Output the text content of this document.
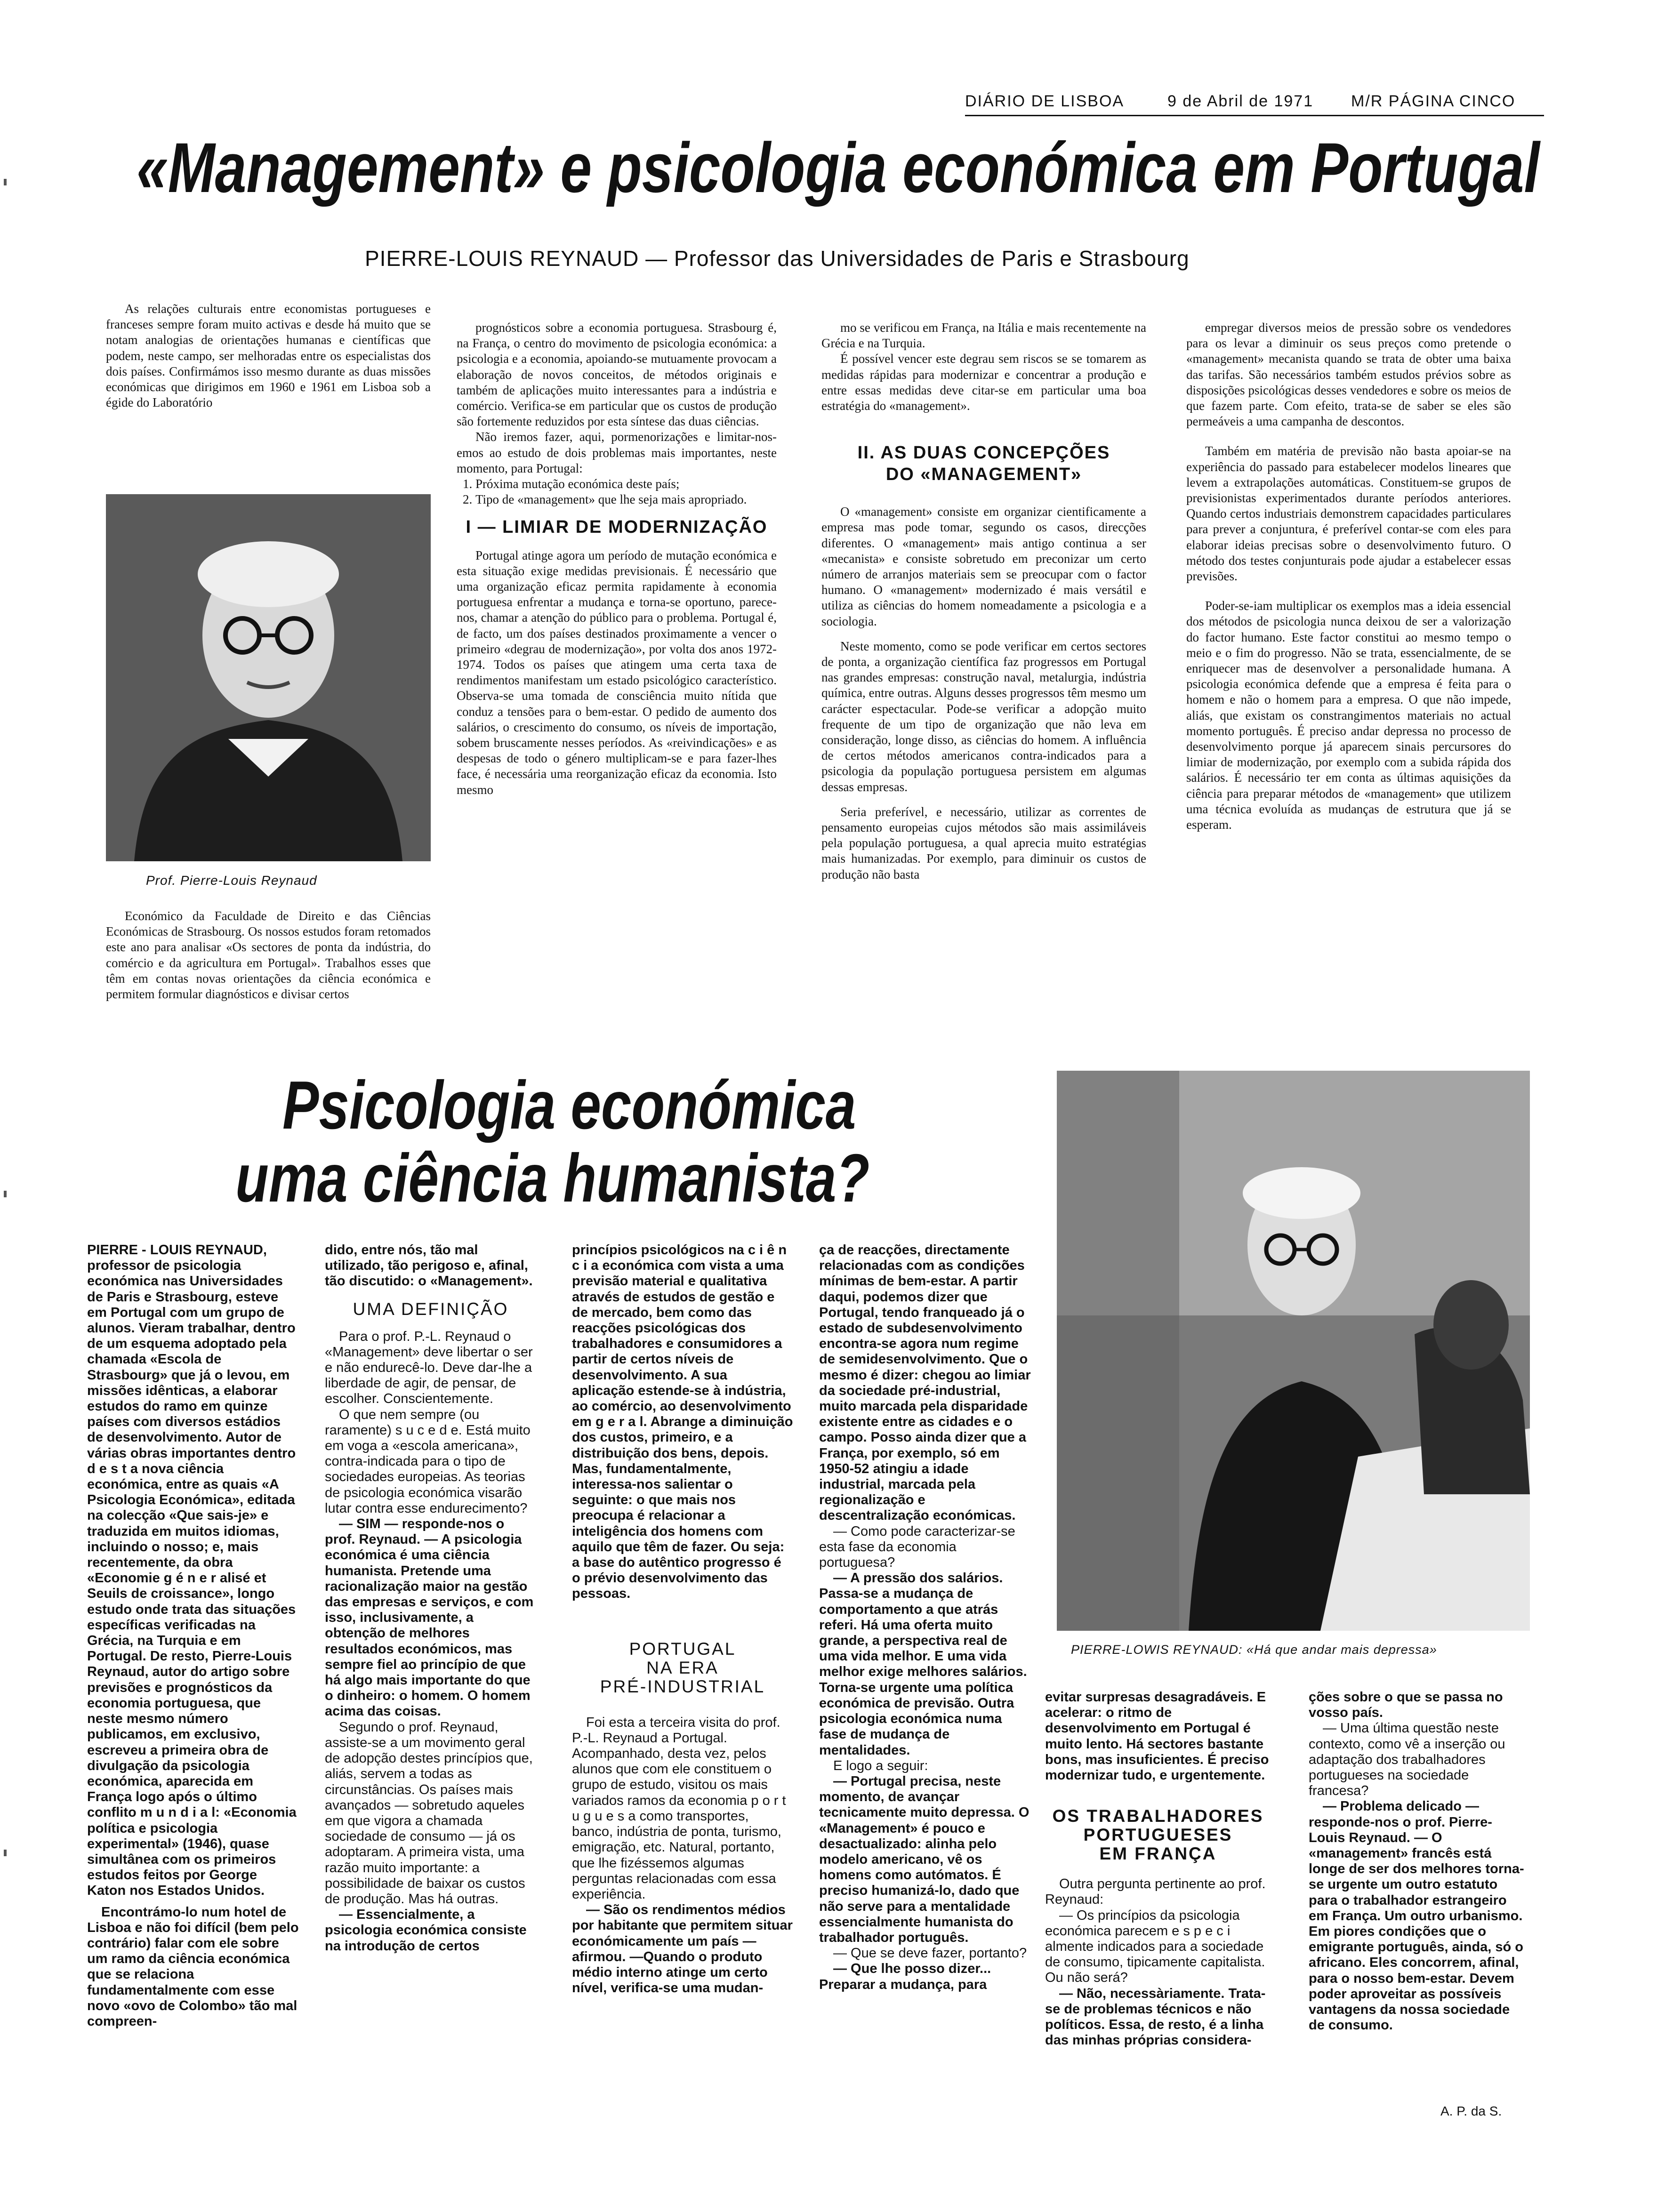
DIÁRIO DE LISBOA	9 de Abril de 1971 M/R PÁGINA CINCO
«Management» e psicologia económica em Portugal
PIERRE-LOUIS REYNAUD — Professor das Universidades de Paris e Strasbourg

As relações culturais entre economistas portugueses e franceses sempre foram muito activas e desde há muito que se notam analogias de orientações humanas e científicas que podem, neste campo, ser melhoradas entre os especialistas dos dois países. Confirmámos isso mesmo durante as duas missões económicas que dirigimos em 1960 e 1961 em Lisboa sob a égide do Laboratório

Prof. Pierre-Louis Reynaud

Económico da Faculdade de Direito e das Ciências Económicas de Strasbourg. Os nossos estudos foram retomados este ano para analisar «Os sectores de ponta da indústria, do comércio e da agricultura em Portugal». Trabalhos esses que têm em contas novas orientações da ciência económica e permitem formular diagnósticos e divisar certos

prognósticos sobre a economia portuguesa. Strasbourg é, na França, o centro do movimento de psicologia económica: a psicologia e a economia, apoiando-se mutuamente provocam a elaboração de novos conceitos, de métodos originais e também de aplicações muito interessantes para a indústria e comércio. Verifica-se em particular que os custos de produção são fortemente reduzidos por esta síntese das duas ciências.

Não iremos fazer, aqui, pormenorizações e limitar-nos-emos ao estudo de dois problemas mais importantes, neste momento, para Portugal:

1. Próxima mutação económica deste país;
2. Tipo de «management» que lhe seja mais apropriado.

I — LIMIAR DE MODERNIZAÇÃO

Portugal atinge agora um período de mutação económica e esta situação exige medidas previsionais. É necessário que uma organização eficaz permita rapidamente à economia portuguesa enfrentar a mudança e torna-se oportuno, parece-nos, chamar a atenção do público para o problema. Portugal é, de facto, um dos países destinados proximamente a vencer o primeiro «degrau de modernização», por volta dos anos 1972-1974. Todos os países que atingem uma certa taxa de rendimentos manifestam um estado psicológico característico. Observa-se uma tomada de consciência muito nítida que conduz a tensões para o bem-estar. O pedido de aumento dos salários, o crescimento do consumo, os níveis de importação, sobem bruscamente nesses períodos. As «reivindicações» e as despesas de todo o género multiplicam-se e para fazer-lhes face, é necessária uma reorganização eficaz da economia. Isto mesmo

mo se verificou em França, na Itália e mais recentemente na Grécia e na Turquia.

É possível vencer este degrau sem riscos se se tomarem as medidas rápidas para modernizar e concentrar a produção e entre essas medidas deve citar-se em particular uma boa estratégia do «management».

II. AS DUAS CONCEPÇÕES

DO «MANAGEMENT»

O «management» consiste em organizar cientificamente a empresa mas pode tomar, segundo os casos, direcções diferentes. O «management» mais antigo continua a ser «mecanista» e consiste sobretudo em preconizar um certo número de arranjos materiais sem se preocupar com o factor humano. O «management» modernizado é mais versátil e utiliza as ciências do homem nomeadamente a psicologia e a sociologia.

Neste momento, como se pode verificar em certos sectores de ponta, a organização científica faz progressos em Portugal nas grandes empresas: construção naval, metalurgia, indústria química, entre outras. Alguns desses progressos têm mesmo um carácter espectacular. Pode-se verificar a adopção muito frequente de um tipo de organização que não leva em consideração, longe disso, as ciências do homem. A influência de certos métodos americanos contra-indicados para a psicologia da população portuguesa persistem em algumas dessas empresas.

Seria preferível, e necessário, utilizar as correntes de pensamento europeias cujos métodos são mais assimiláveis pela população portuguesa, a qual aprecia muito estratégias mais humanizadas. Por exemplo, para diminuir os custos de produção não basta

empregar diversos meios de pressão sobre os vendedores para os levar a diminuir os seus preços como pretende o «management» mecanista quando se trata de obter uma baixa das tarifas. São necessários também estudos prévios sobre as disposições psicológicas desses vendedores e sobre os meios de que fazem parte. Com efeito, trata-se de saber se eles são permeáveis a uma campanha de descontos.

Também em matéria de previsão não basta apoiar-se na experiência do passado para estabelecer modelos lineares que levem a extrapolações automáticas. Constituem-se grupos de previsionistas experimentados durante períodos anteriores. Quando certos industriais demonstrem capacidades particulares para prever a conjuntura, é preferível contar-se com eles para elaborar ideias precisas sobre o desenvolvimento futuro. O método dos testes conjunturais pode ajudar a estabelecer essas previsões.

Poder-se-iam multiplicar os exemplos mas a ideia essencial dos métodos de psicologia nunca deixou de ser a valorização do factor humano. Este factor constitui ao mesmo tempo o meio e o fim do progresso. Não se trata, essencialmente, de se enriquecer mas de desenvolver a personalidade humana. A psicologia económica defende que a empresa é feita para o homem e não o homem para a empresa. O que não impede, aliás, que existam os constrangimentos materiais no actual momento português. É preciso andar depressa no processo de desenvolvimento porque já aparecem sinais percursores do limiar de modernização, por exemplo com a subida rápida dos salários. É necessário ter em conta as últimas aquisições da ciência para preparar métodos de «management» que utilizem uma técnica evoluída as mudanças de estrutura que já se esperam.

Psicologia económica
uma ciência humanista?
PIERRE-LOWIS REYNAUD: «Há que andar mais depressa»

PIERRE - LOUIS REYNAUD, professor de psicologia económica nas Universidades de Paris e Strasbourg, esteve em Portugal com um grupo de alunos. Vieram trabalhar, dentro de um esquema adoptado pela chamada «Escola de Strasbourg» que já o levou, em missões idênticas, a elaborar estudos do ramo em quinze países com diversos estádios de desenvolvimento. Autor de várias obras importantes dentro d e s t a nova ciência económica, entre as quais «A Psicologia Económica», editada na colecção «Que sais-je» e traduzida em muitos idiomas, incluindo o nosso; e, mais recentemente, da obra «Economie g é n e r alisé et Seuils de croissance», longo estudo onde trata das situações específicas verificadas na Grécia, na Turquia e em Portugal. De resto, Pierre-Louis Reynaud, autor do artigo sobre previsões e prognósticos da economia portuguesa, que neste mesmo número publicamos, em exclusivo, escreveu a primeira obra de divulgação da psicologia económica, aparecida em França logo após o último conflito m u n d i a l: «Economia política e psicologia experimental» (1946), quase simultânea com os primeiros estudos feitos por George Katon nos Estados Unidos.

Encontrámo-lo num hotel de Lisboa e não foi difícil (bem pelo contrário) falar com ele sobre um ramo da ciência económica que se relaciona fundamentalmente com esse novo «ovo de Colombo» tão mal compreen-

dido, entre nós, tão mal utilizado, tão perigoso e, afinal, tão discutido: o «Management».

UMA DEFINIÇÃO

Para o prof. P.-L. Reynaud o «Management» deve libertar o ser e não endurecê-lo. Deve dar-lhe a liberdade de agir, de pensar, de escolher. Conscientemente.

O que nem sempre (ou raramente) s u c e d e. Está muito em voga a «escola americana», contra-indicada para o tipo de sociedades europeias. As teorias de psicologia económica visarão lutar contra esse endurecimento?

— SIM — responde-nos o prof. Reynaud. — A psicologia económica é uma ciência humanista. Pretende uma racionalização maior na gestão das empresas e serviços, e com isso, inclusivamente, a obtenção de melhores resultados económicos, mas sempre fiel ao princípio de que há algo mais importante do que o dinheiro: o homem. O homem acima das coisas.

Segundo o prof. Reynaud, assiste-se a um movimento geral de adopção destes princípios que, aliás, servem a todas as circunstâncias. Os países mais avançados — sobretudo aqueles em que vigora a chamada sociedade de consumo — já os adoptaram. A primeira vista, uma razão muito importante: a possibilidade de baixar os custos de produção. Mas há outras.

— Essencialmente, a psicologia económica consiste na introdução de certos

princípios psicológicos na c i ê n c i a económica com vista a uma previsão material e qualitativa através de estudos de gestão e de mercado, bem como das reacções psicológicas dos trabalhadores e consumidores a partir de certos níveis de desenvolvimento. A sua aplicação estende-se à indústria, ao comércio, ao desenvolvimento em g e r a l. Abrange a diminuição dos custos, primeiro, e a distribuição dos bens, depois. Mas, fundamentalmente, interessa-nos salientar o seguinte: o que mais nos preocupa é relacionar a inteligência dos homens com aquilo que têm de fazer. Ou seja: a base do autêntico progresso é o prévio desenvolvimento das pessoas.

PORTUGAL
NA ERA
PRÉ-INDUSTRIAL

Foi esta a terceira visita do prof. P.-L. Reynaud a Portugal. Acompanhado, desta vez, pelos alunos que com ele constituem o grupo de estudo, visitou os mais variados ramos da economia p o r t u g u e s a como transportes, banco, indústria de ponta, turismo, emigração, etc. Natural, portanto, que lhe fizéssemos algumas perguntas relacionadas com essa experiência.

— São os rendimentos médios por habitante que permitem situar económicamente um país — afirmou. —Quando o produto médio interno atinge um certo nível, verifica-se uma mudan-

ça de reacções, directamente relacionadas com as condições mínimas de bem-estar. A partir daqui, podemos dizer que Portugal, tendo franqueado já o estado de subdesenvolvimento encontra-se agora num regime de semidesenvolvimento. Que o mesmo é dizer: chegou ao limiar da sociedade pré-industrial, muito marcada pela disparidade existente entre as cidades e o campo. Posso ainda dizer que a França, por exemplo, só em 1950-52 atingiu a idade industrial, marcada pela regionalização e descentralização económicas.

— Como pode caracterizar-se esta fase da economia portuguesa?

— A pressão dos salários. Passa-se a mudança de comportamento a que atrás referi. Há uma oferta muito grande, a perspectiva real de uma vida melhor. E uma vida melhor exige melhores salários. Torna-se urgente uma política económica de previsão. Outra psicologia económica numa fase de mudança de mentalidades.

E logo a seguir:

— Portugal precisa, neste momento, de avançar tecnicamente muito depressa. O «Management» é pouco e desactualizado: alinha pelo modelo americano, vê os homens como autómatos. É preciso humanizá-lo, dado que não serve para a mentalidade essencialmente humanista do trabalhador português.

— Que se deve fazer, portanto?

— Que lhe posso dizer... Preparar a mudança, para

evitar surpresas desagradáveis. E acelerar: o ritmo de desenvolvimento em Portugal é muito lento. Há sectores bastante bons, mas insuficientes. É preciso modernizar tudo, e urgentemente.

OS TRABALHADORES
PORTUGUESES
EM FRANÇA

Outra pergunta pertinente ao prof. Reynaud:

— Os princípios da psicologia económica parecem e s p e c i almente indicados para a sociedade de consumo, tipicamente capitalista. Ou não será?

— Não, necessàriamente. Trata-se de problemas técnicos e não políticos. Essa, de resto, é a linha das minhas próprias considera-

ções sobre o que se passa no vosso país.

— Uma última questão neste contexto, como vê a inserção ou adaptação dos trabalhadores portugueses na sociedade francesa?

— Problema delicado — responde-nos o prof. Pierre-Louis Reynaud. — O «management» francês está longe de ser dos melhores torna-se urgente um outro estatuto para o trabalhador estrangeiro em França. Um outro urbanismo. Em piores condições que o emigrante português, ainda, só o africano. Eles concorrem, afinal, para o nosso bem-estar. Devem poder aproveitar as possíveis vantagens da nossa sociedade de consumo.

A. P. da S.
